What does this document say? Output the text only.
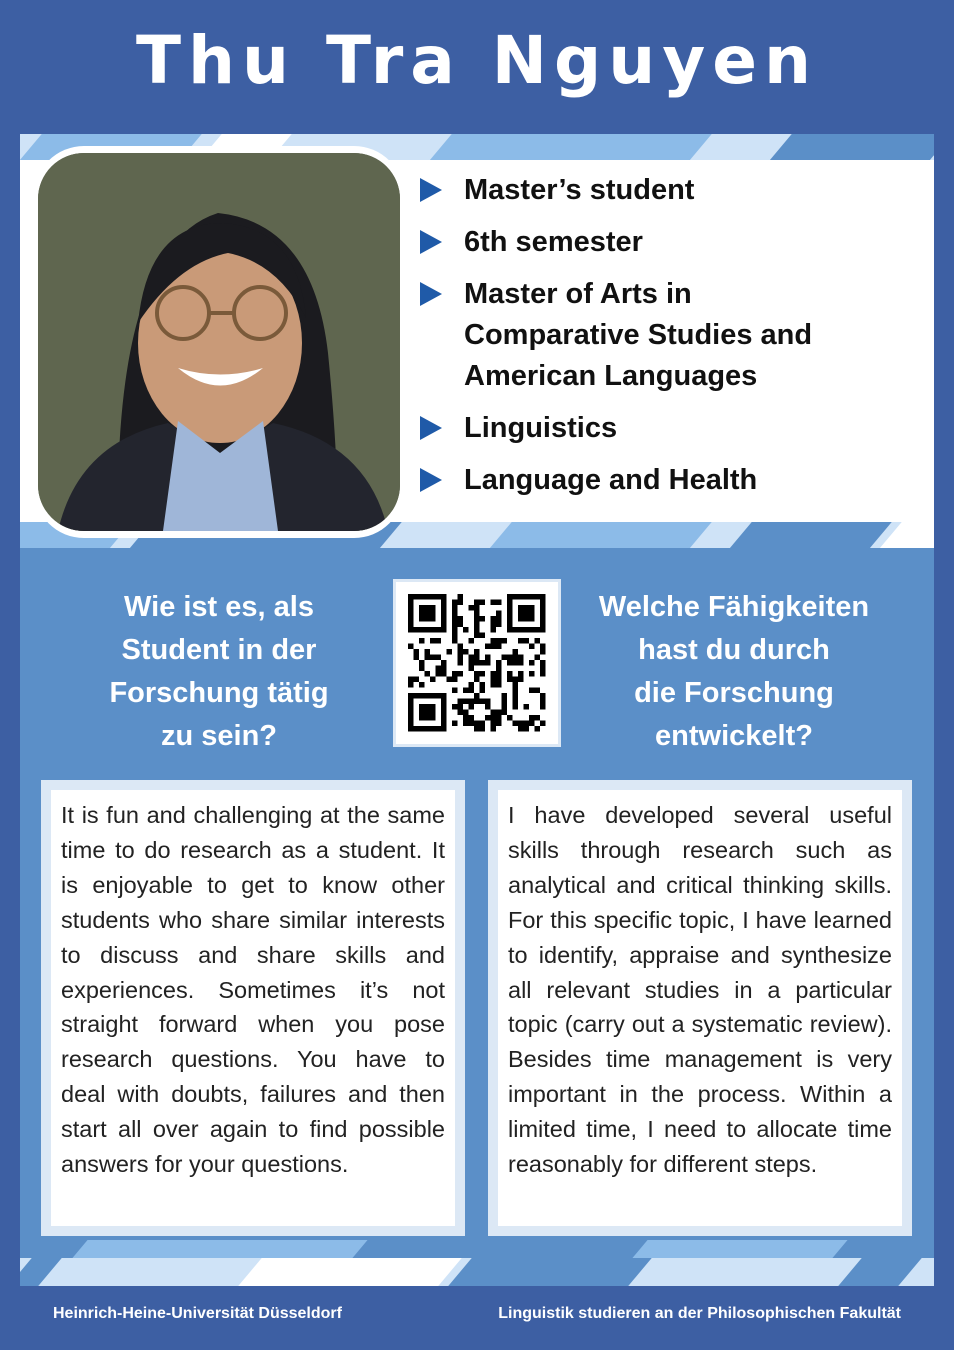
Thu Tra Nguyen
Master’s student
6th semester
Master of Arts in
Comparative Studies and
American Languages
Linguistics
Language and Health
Wie ist es, als
Student in der
Forschung tätig
zu sein?
Welche Fähigkeiten
hast du durch
die Forschung
entwickelt?

It is fun and challenging at the same time to do research as a student. It is enjoyable to get to know other students who share similar interests to discuss and share skills and experiences. Sometimes it’s not straight forward when you pose research questions. You have to deal with doubts, failures and then start all over again to find possible answers for your questions.

I have developed several useful skills through research such as analytical and critical thinking skills. For this specific topic, I have learned to identify, appraise and synthesize all relevant studies in a particular topic (carry out a systematic review). Besides time management is very important in the process. Within a limited time, I need to allocate time reasonably for different steps.

Heinrich-Heine-Universität Düsseldorf	Linguistik studieren an der Philosophischen Fakultät
